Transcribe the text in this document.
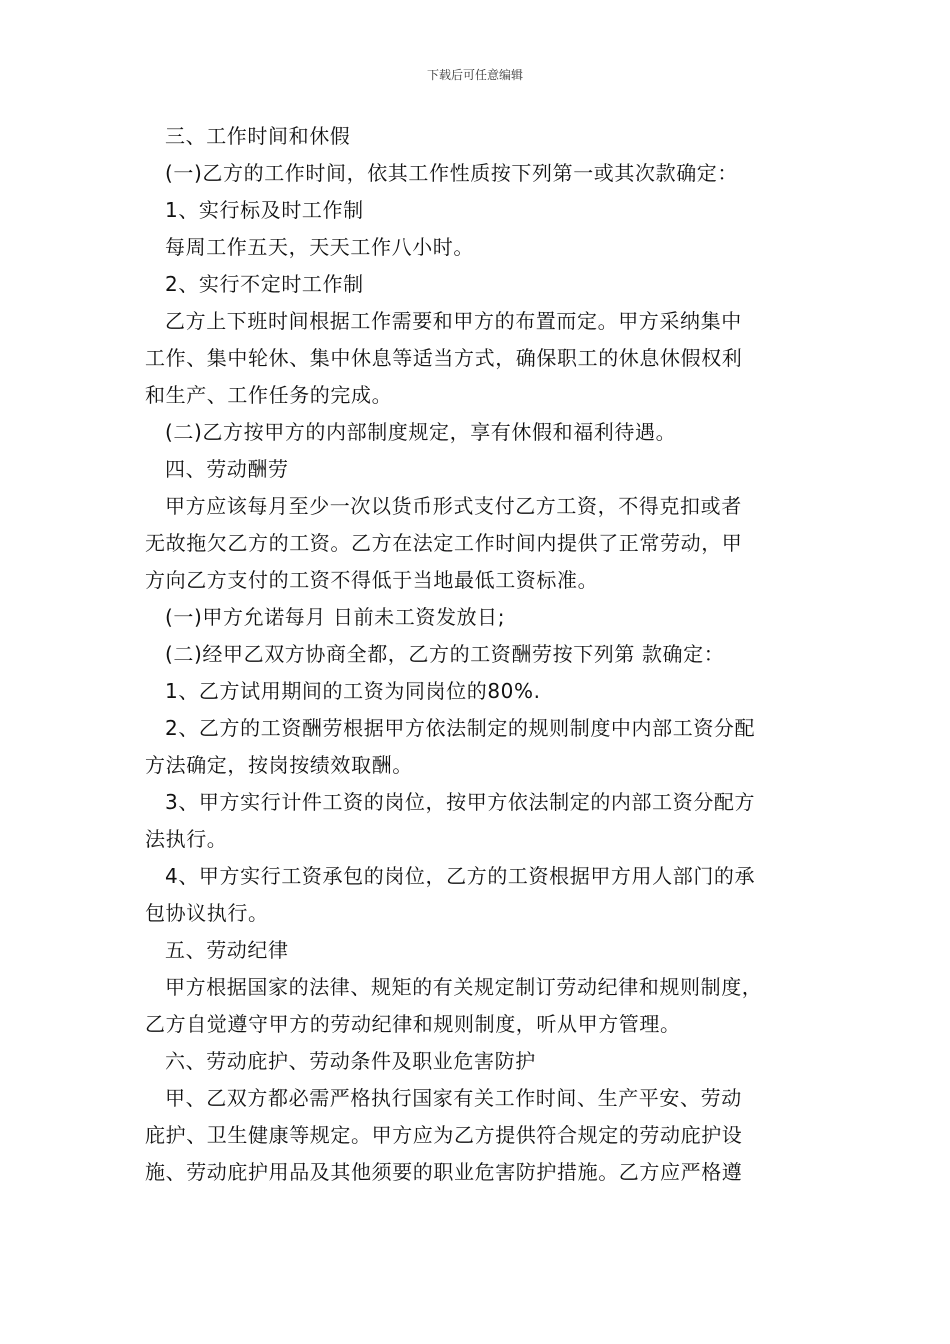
下载后可任意编辑
三、工作时间和休假
(一)乙方的工作时间，依其工作性质按下列第一或其次款确定：
1、实行标及时工作制
每周工作五天，天天工作八小时。
2、实行不定时工作制
乙方上下班时间根据工作需要和甲方的布置而定。甲方采纳集中
工作、集中轮休、集中休息等适当方式，确保职工的休息休假权利
和生产、工作任务的完成。
(二)乙方按甲方的内部制度规定，享有休假和福利待遇。
四、劳动酬劳
甲方应该每月至少一次以货币形式支付乙方工资，不得克扣或者
无故拖欠乙方的工资。乙方在法定工作时间内提供了正常劳动，甲
方向乙方支付的工资不得低于当地最低工资标准。
(一)甲方允诺每月 日前未工资发放日;
(二)经甲乙双方协商全都，乙方的工资酬劳按下列第 款确定：
1、乙方试用期间的工资为同岗位的80%.
2、乙方的工资酬劳根据甲方依法制定的规则制度中内部工资分配
方法确定，按岗按绩效取酬。
3、甲方实行计件工资的岗位，按甲方依法制定的内部工资分配方
法执行。
4、甲方实行工资承包的岗位，乙方的工资根据甲方用人部门的承
包协议执行。
五、劳动纪律
甲方根据国家的法律、规矩的有关规定制订劳动纪律和规则制度，
乙方自觉遵守甲方的劳动纪律和规则制度，听从甲方管理。
六、劳动庇护、劳动条件及职业危害防护
甲、乙双方都必需严格执行国家有关工作时间、生产平安、劳动
庇护、卫生健康等规定。甲方应为乙方提供符合规定的劳动庇护设
施、劳动庇护用品及其他须要的职业危害防护措施。乙方应严格遵
